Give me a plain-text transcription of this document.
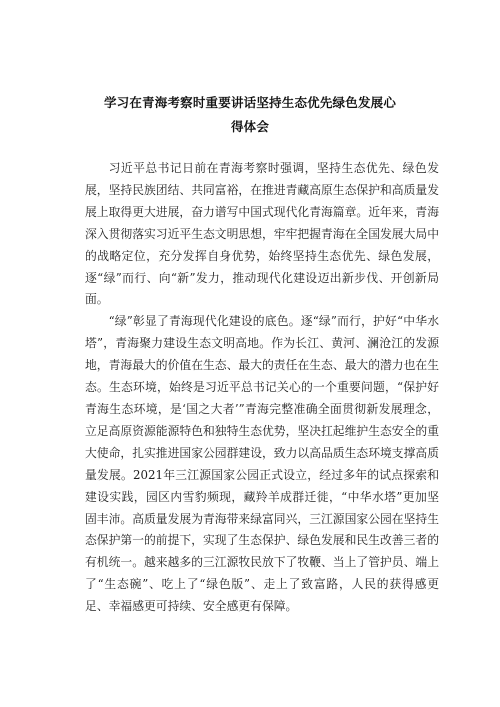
学习在青海考察时重要讲话坚持生态优先绿色发展心
得体会

习近平总书记日前在青海考察时强调，坚持生态优先、绿色发展，坚持民族团结、共同富裕，在推进青藏高原生态保护和高质量发展上取得更大进展，奋力谱写中国式现代化青海篇章。近年来，青海深入贯彻落实习近平生态文明思想，牢牢把握青海在全国发展大局中的战略定位，充分发挥自身优势，始终坚持生态优先、绿色发展，逐“绿”而行、向“新”发力，推动现代化建设迈出新步伐、开创新局面。

“绿”彰显了青海现代化建设的底色。逐“绿”而行，护好“中华水塔”，青海聚力建设生态文明高地。作为长江、黄河、澜沧江的发源地，青海最大的价值在生态、最大的责任在生态、最大的潜力也在生态。生态环境，始终是习近平总书记关心的一个重要问题，“保护好青海生态环境，是‘国之大者’”青海完整准确全面贯彻新发展理念，立足高原资源能源特色和独特生态优势，坚决扛起维护生态安全的重大使命，扎实推进国家公园群建设，致力以高品质生态环境支撑高质量发展。2021年三江源国家公园正式设立，经过多年的试点探索和建设实践，园区内雪豹频现，藏羚羊成群迁徙，“中华水塔”更加坚固丰沛。高质量发展为青海带来绿富同兴，三江源国家公园在坚持生态保护第一的前提下，实现了生态保护、绿色发展和民生改善三者的有机统一。越来越多的三江源牧民放下了牧鞭、当上了管护员、端上了“生态碗”、吃上了“绿色版”、走上了致富路，人民的获得感更足、幸福感更可持续、安全感更有保障。
